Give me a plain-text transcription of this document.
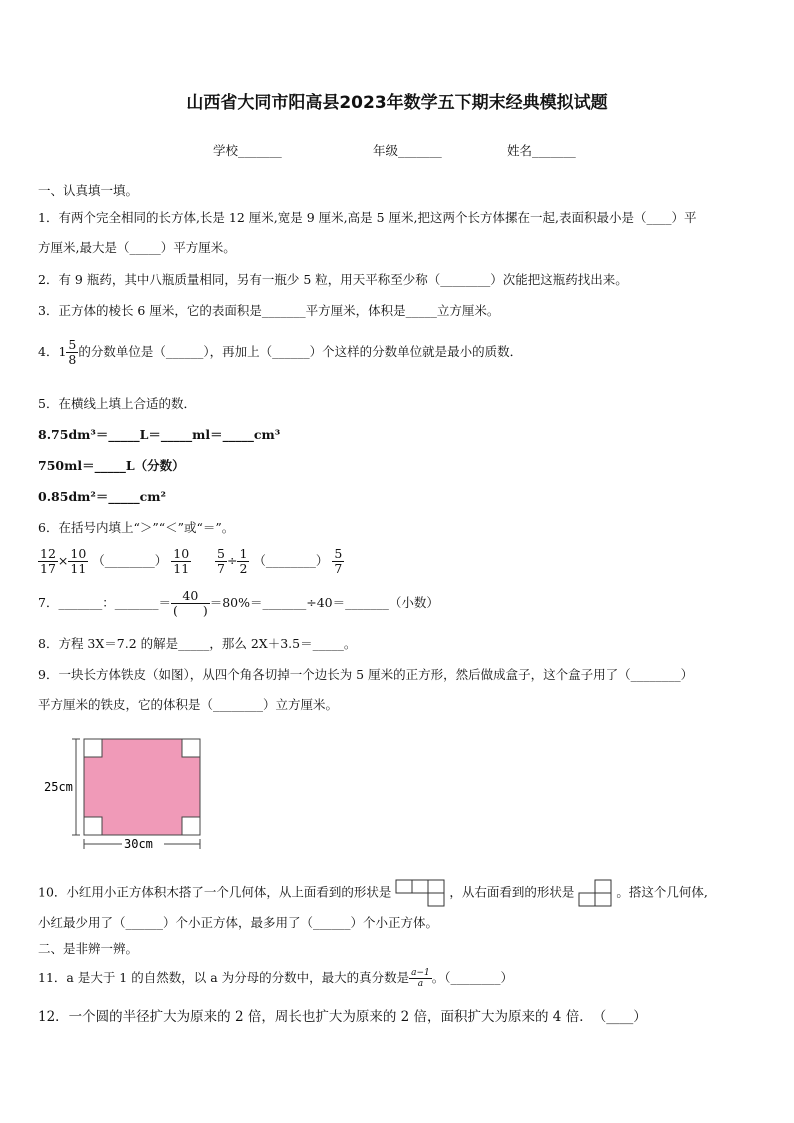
山西省大同市阳高县2023年数学五下期末经典模拟试题
学校_______	年级_______	姓名_______
一、认真填一填。
1．有两个完全相同的长方体,长是 12 厘米,宽是 9 厘米,高是 5 厘米,把这两个长方体摞在一起,表面积最小是（____）平
方厘米,最大是（_____）平方厘米。
2．有 9 瓶药，其中八瓶质量相同，另有一瓶少 5 粒，用天平称至少称（________）次能把这瓶药找出来。
3．正方体的棱长 6 厘米，它的表面积是_______平方厘米，体积是_____立方厘米。
4．$1 \frac{5}{8}$ 的分数单位是（______），再加上（______）个这样的分数单位就是最小的质数．
5．在横线上填上合适的数．
8.75dm³＝_____L＝_____ml＝_____cm³
750ml＝_____L（分数）
0.85dm²＝_____cm²
6．在括号内填上“＞”“＜”或“＝”。
$\frac{12}{17} \times \frac{10}{11}$ （________） $\frac{10}{11} \frac{5}{7} \div \frac{1}{2}$ （________） $\frac{5}{7}$
7．_______：_______＝ $\frac{40}{( )}$ ＝80%＝_______÷40＝_______（小数）
8．方程 3X＝7.2 的解是_____，那么 2X＋3.5＝_____。
9．一块长方体铁皮（如图），从四个角各切掉一个边长为 5 厘米的正方形，然后做成盒子，这个盒子用了（________）
平方厘米的铁皮，它的体积是（________）立方厘米。
25cm
30cm
10．小红用小正方体积木搭了一个几何体，从上面看到的形状是	，从右面看到的形状是	。搭这个几何体,
小红最少用了（______）个小正方体，最多用了（______）个小正方体。
二、是非辨一辨。
11．a 是大于 1 的自然数，以 a 为分母的分数中，最大的真分数是 $\frac{a-1}{a}$ 。（________）
12．一个圆的半径扩大为原来的 2 倍，周长也扩大为原来的 2 倍，面积扩大为原来的 4 倍．　（____）
